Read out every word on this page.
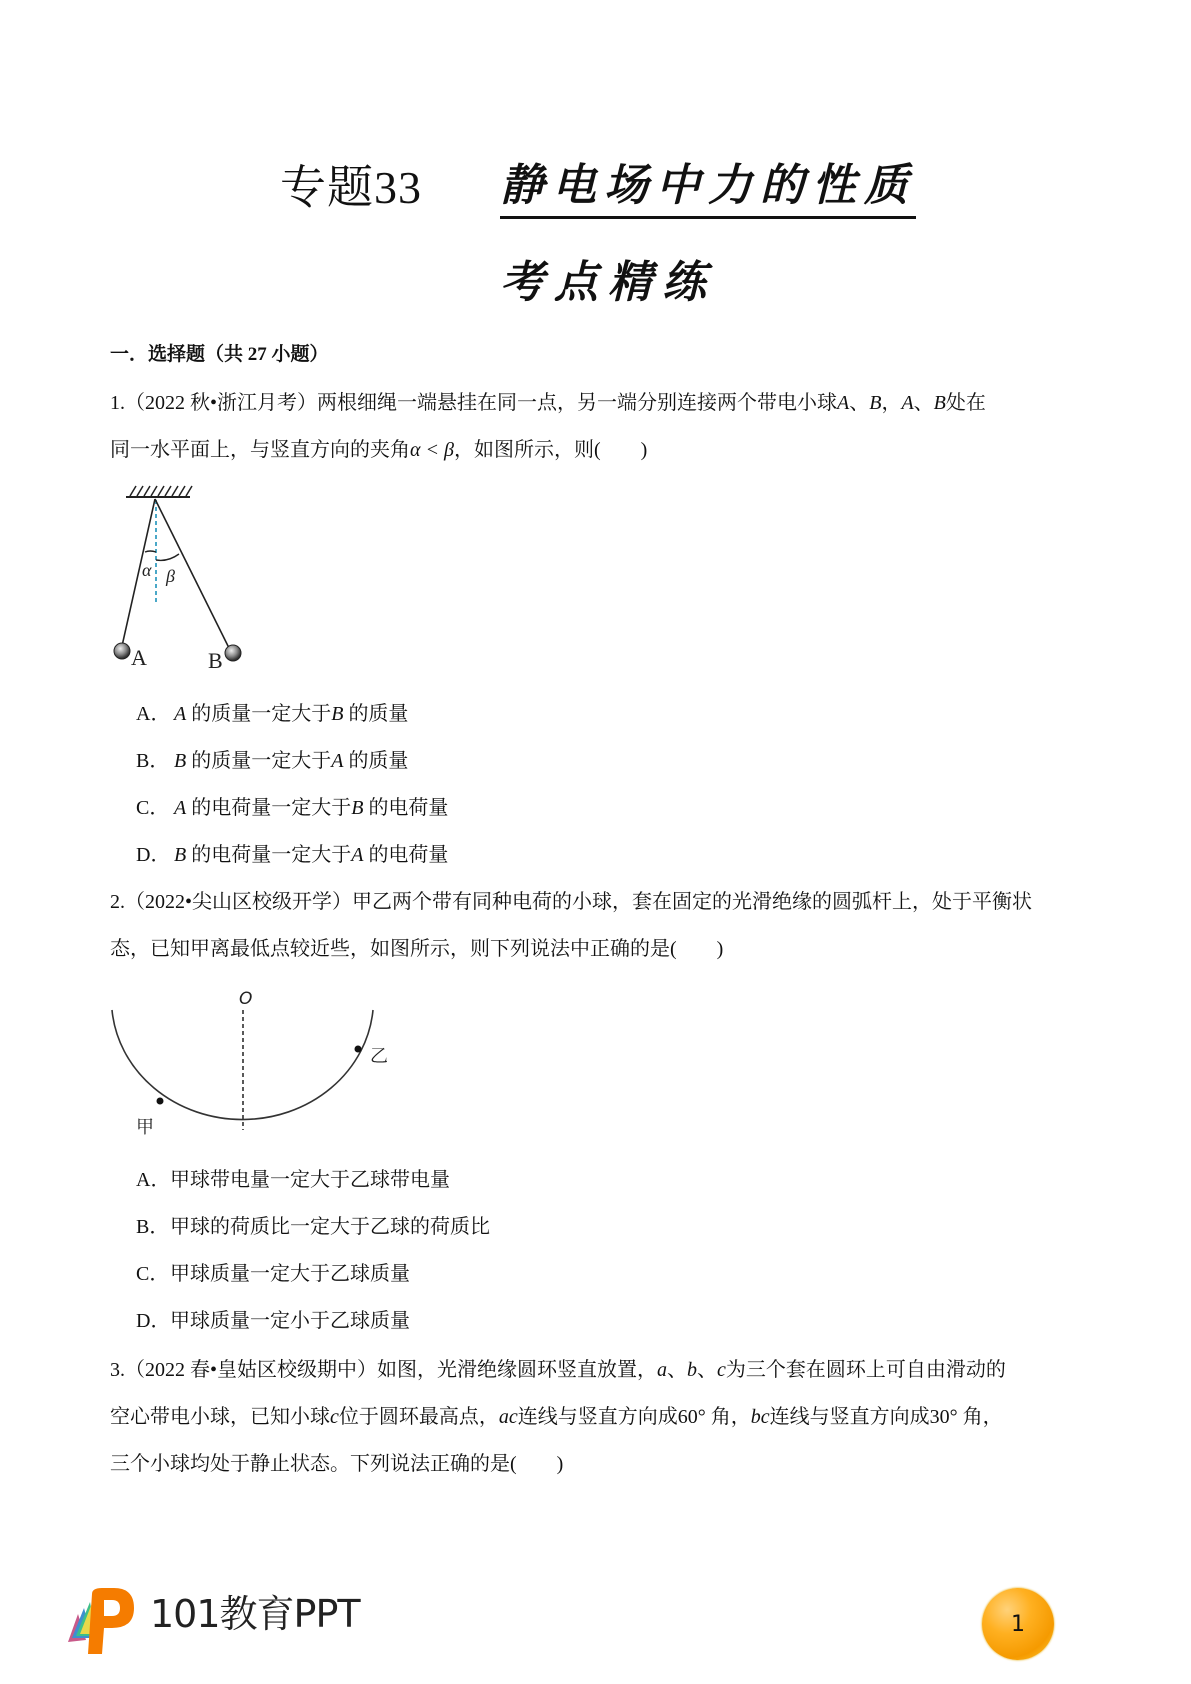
专题33 静电场中力的性质
考点精练
一．选择题（共 27 小题）
1.（2022 秋•浙江月考）两根细绳一端悬挂在同一点，另一端分别连接两个带电小球A、B，A、B处在
同一水平面上，与竖直方向的夹角α < β，如图所示，则(　　)
α β
A	B
A． A 的质量一定大于B 的质量
B． B 的质量一定大于A 的质量
C． A 的电荷量一定大于B 的电荷量
D． B 的电荷量一定大于A 的电荷量
2.（2022•尖山区校级开学）甲乙两个带有同种电荷的小球，套在固定的光滑绝缘的圆弧杆上，处于平衡状
态，已知甲离最低点较近些，如图所示，则下列说法中正确的是(　　)
O
甲
乙
A．甲球带电量一定大于乙球带电量
B．甲球的荷质比一定大于乙球的荷质比
C．甲球质量一定大于乙球质量
D．甲球质量一定小于乙球质量
3.（2022 春•皇姑区校级期中）如图，光滑绝缘圆环竖直放置，a、b、c为三个套在圆环上可自由滑动的
空心带电小球，已知小球c位于圆环最高点，ac连线与竖直方向成60° 角，bc连线与竖直方向成30° 角，
三个小球均处于静止状态。下列说法正确的是(　　)
101教育PPT	1
